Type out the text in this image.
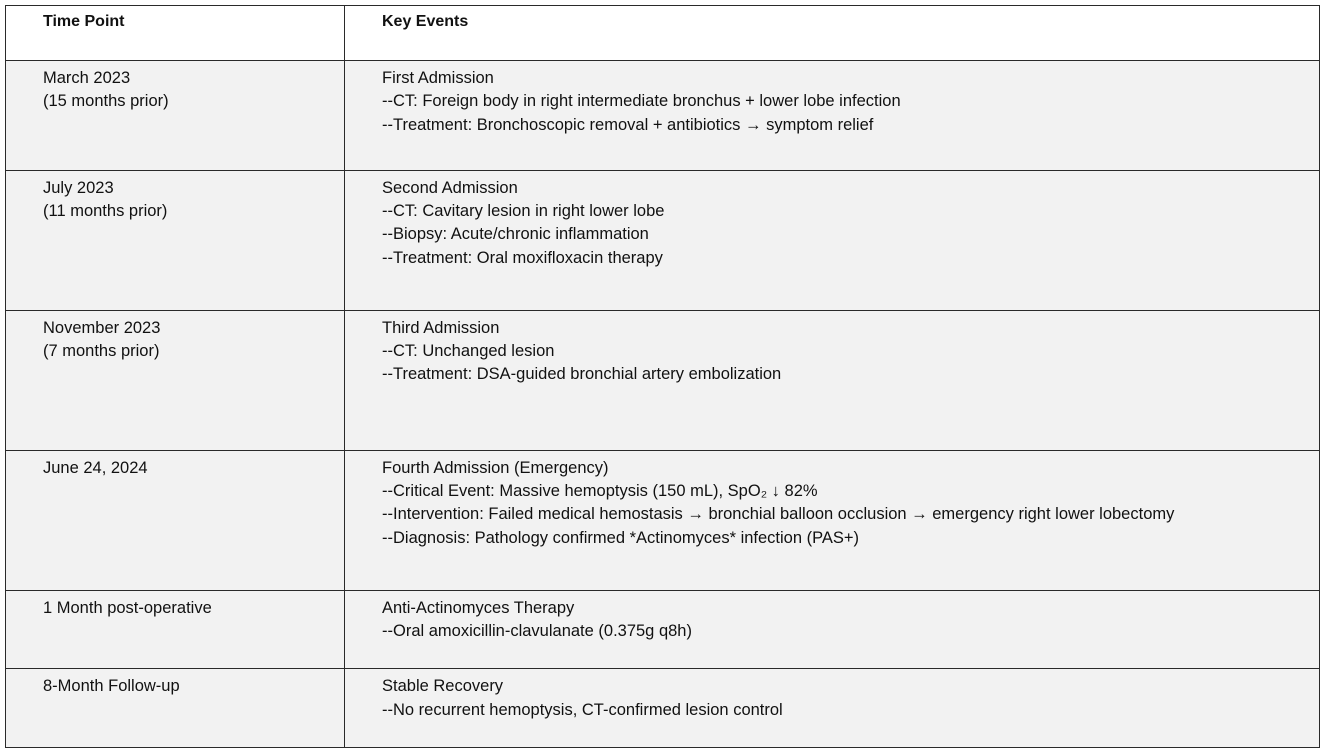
Time Point	Key Events

March 2023
(15 months prior)	First Admission
--CT: Foreign body in right intermediate bronchus + lower lobe infection
--Treatment: Bronchoscopic removal + antibiotics → symptom relief

July 2023
(11 months prior)	Second Admission
--CT: Cavitary lesion in right lower lobe
--Biopsy: Acute/chronic inflammation
--Treatment: Oral moxifloxacin therapy

November 2023
(7 months prior)	Third Admission
--CT: Unchanged lesion
--Treatment: DSA-guided bronchial artery embolization

June 24, 2024	Fourth Admission (Emergency)
--Critical Event: Massive hemoptysis (150 mL), SpO₂ ↓ 82%
--Intervention: Failed medical hemostasis → bronchial balloon occlusion → emergency right lower lobectomy
--Diagnosis: Pathology confirmed *Actinomyces* infection (PAS+)

1 Month post-operative	Anti-Actinomyces Therapy
--Oral amoxicillin-clavulanate (0.375g q8h)

8-Month Follow-up	Stable Recovery
--No recurrent hemoptysis, CT-confirmed lesion control
